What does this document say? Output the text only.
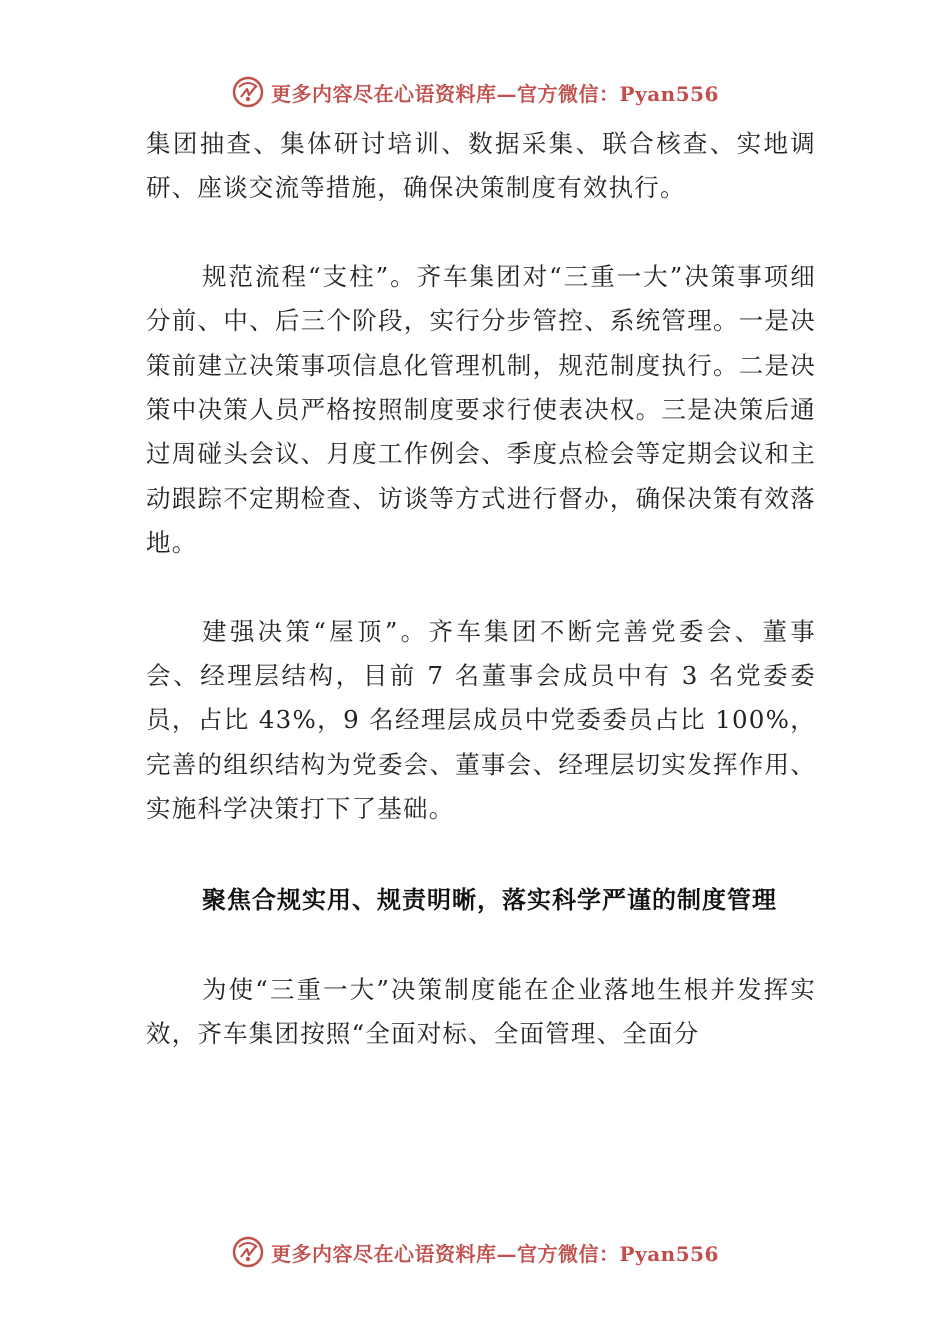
更多内容尽在心语资料库—官方微信：Pyan556

集团抽查、集体研讨培训、数据采集、联合核查、实地调研、座谈交流等措施，确保决策制度有效执行。

规范流程“支柱”。齐车集团对“三重一大”决策事项细分前、中、后三个阶段，实行分步管控、系统管理。一是决策前建立决策事项信息化管理机制，规范制度执行。二是决策中决策人员严格按照制度要求行使表决权。三是决策后通过周碰头会议、月度工作例会、季度点检会等定期会议和主动跟踪不定期检查、访谈等方式进行督办，确保决策有效落地。

建强决策“屋顶”。齐车集团不断完善党委会、董事会、经理层结构，目前 7 名董事会成员中有 3 名党委委员，占比 43%，9 名经理层成员中党委委员占比 100%，完善的组织结构为党委会、董事会、经理层切实发挥作用、实施科学决策打下了基础。

聚焦合规实用、规责明晰，落实科学严谨的制度管理

为使“三重一大”决策制度能在企业落地生根并发挥实效，齐车集团按照“全面对标、全面管理、全面分

更多内容尽在心语资料库—官方微信：Pyan556
